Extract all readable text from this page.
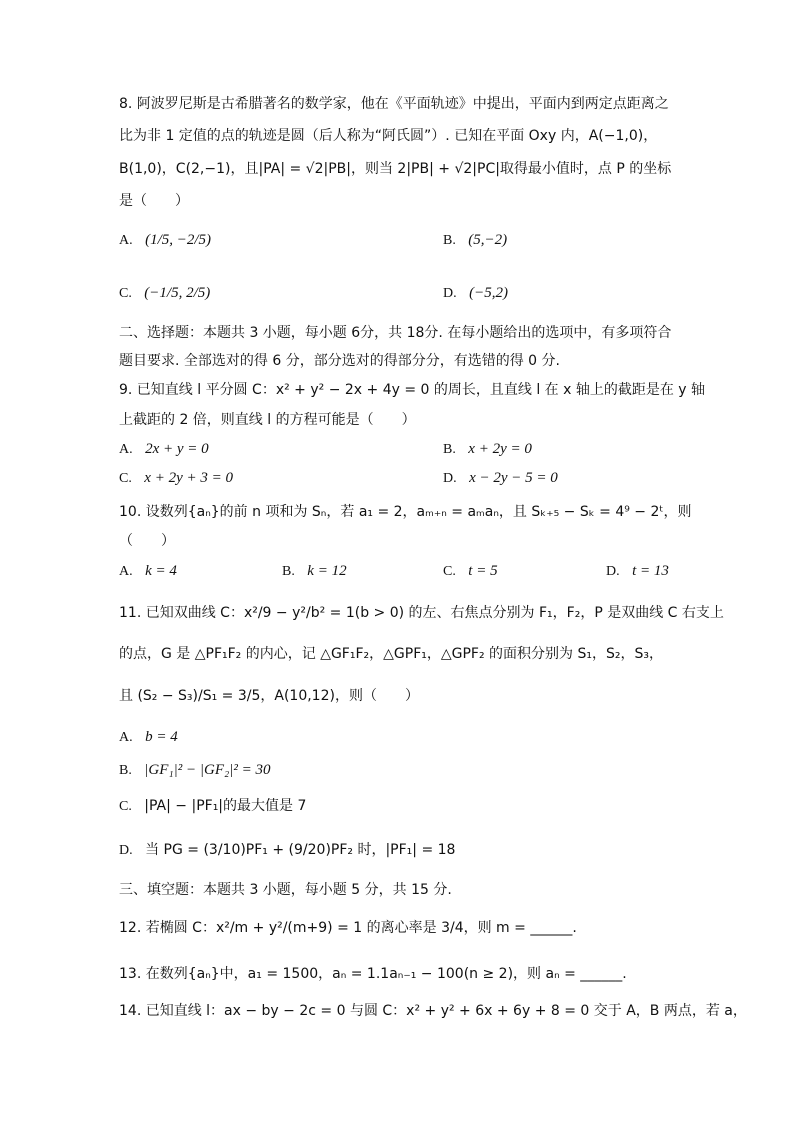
8. 阿波罗尼斯是古希腊著名的数学家，他在《平面轨迹》中提出，平面内到两定点距离之
比为非 1 定值的点的轨迹是圆（后人称为“阿氏圆”）. 已知在平面 Oxy 内，A(−1,0)，
B(1,0)，C(2,−1)，且|PA| = √2|PB|，则当 2|PB| + √2|PC|取得最小值时，点 P 的坐标
是（　　）
A. (1/5, −2/5)	B. (5,−2)
C. (−1/5, 2/5)	D. (−5,2)
二、选择题：本题共 3 小题，每小题 6分，共 18分. 在每小题给出的选项中，有多项符合
题目要求. 全部选对的得 6 分，部分选对的得部分分，有选错的得 0 分.
9. 已知直线 l 平分圆 C：x² + y² − 2x + 4y = 0 的周长，且直线 l 在 x 轴上的截距是在 y 轴
上截距的 2 倍，则直线 l 的方程可能是（　　）
A. 2x + y = 0	B. x + 2y = 0
C. x + 2y + 3 = 0	D. x − 2y − 5 = 0
10. 设数列{aₙ}的前 n 项和为 Sₙ，若 a₁ = 2，aₘ₊ₙ = aₘaₙ，且 Sₖ₊₅ − Sₖ = 4⁹ − 2ᵗ，则
（　　）
A. k = 4	B. k = 12	C. t = 5	D. t = 13
11. 已知双曲线 C：x²/9 − y²/b² = 1(b > 0) 的左、右焦点分别为 F₁，F₂，P 是双曲线 C 右支上
的点，G 是 △PF₁F₂ 的内心，记 △GF₁F₂，△GPF₁，△GPF₂ 的面积分别为 S₁，S₂，S₃，
且 (S₂ − S₃)/S₁ = 3/5，A(10,12)，则（　　）
A. b = 4
B. |GF₁|² − |GF₂|² = 30
C. |PA| − |PF₁|的最大值是 7
D. 当 PG = (3/10)PF₁ + (9/20)PF₂ 时，|PF₁| = 18
三、填空题：本题共 3 小题，每小题 5 分，共 15 分.
12. 若椭圆 C：x²/m + y²/(m+9) = 1 的离心率是 3/4，则 m = ______.
13. 在数列{aₙ}中，a₁ = 1500，aₙ = 1.1aₙ₋₁ − 100(n ≥ 2)，则 aₙ = ______.
14. 已知直线 l：ax − by − 2c = 0 与圆 C：x² + y² + 6x + 6y + 8 = 0 交于 A，B 两点，若 a，
